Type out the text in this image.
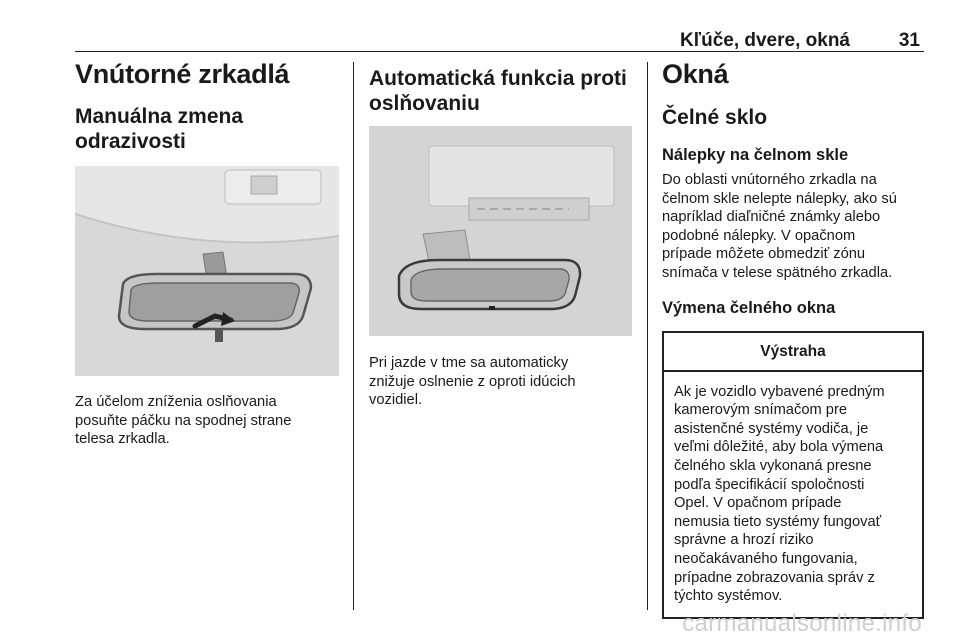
Kľúče, dvere, okná	31
Vnútorné zrkadlá
Manuálna zmena
odrazivosti

Za účelom zníženia oslňovania

posuňte páčku na spodnej strane

telesa zrkadla.

Automatická funkcia proti
oslňovaniu

Pri jazde v tme sa automaticky

znižuje oslnenie z oproti idúcich

vozidiel.

Okná
Čelné sklo
Nálepky na čelnom skle

Do oblasti vnútorného zrkadla na

čelnom skle nelepte nálepky, ako sú

napríklad diaľničné známky alebo

podobné nálepky. V opačnom

prípade môžete obmedziť zónu

snímača v telese spätného zrkadla.

Výmena čelného okna
Výstraha

Ak je vozidlo vybavené predným

kamerovým snímačom pre

asistenčné systémy vodiča, je

veľmi dôležité, aby bola výmena

čelného skla vykonaná presne

podľa špecifikácií spoločnosti

Opel. V opačnom prípade

nemusia tieto systémy fungovať

správne a hrozí riziko

neočakávaného fungovania,

prípadne zobrazovania správ z

týchto systémov.

carmanualsonline.info
